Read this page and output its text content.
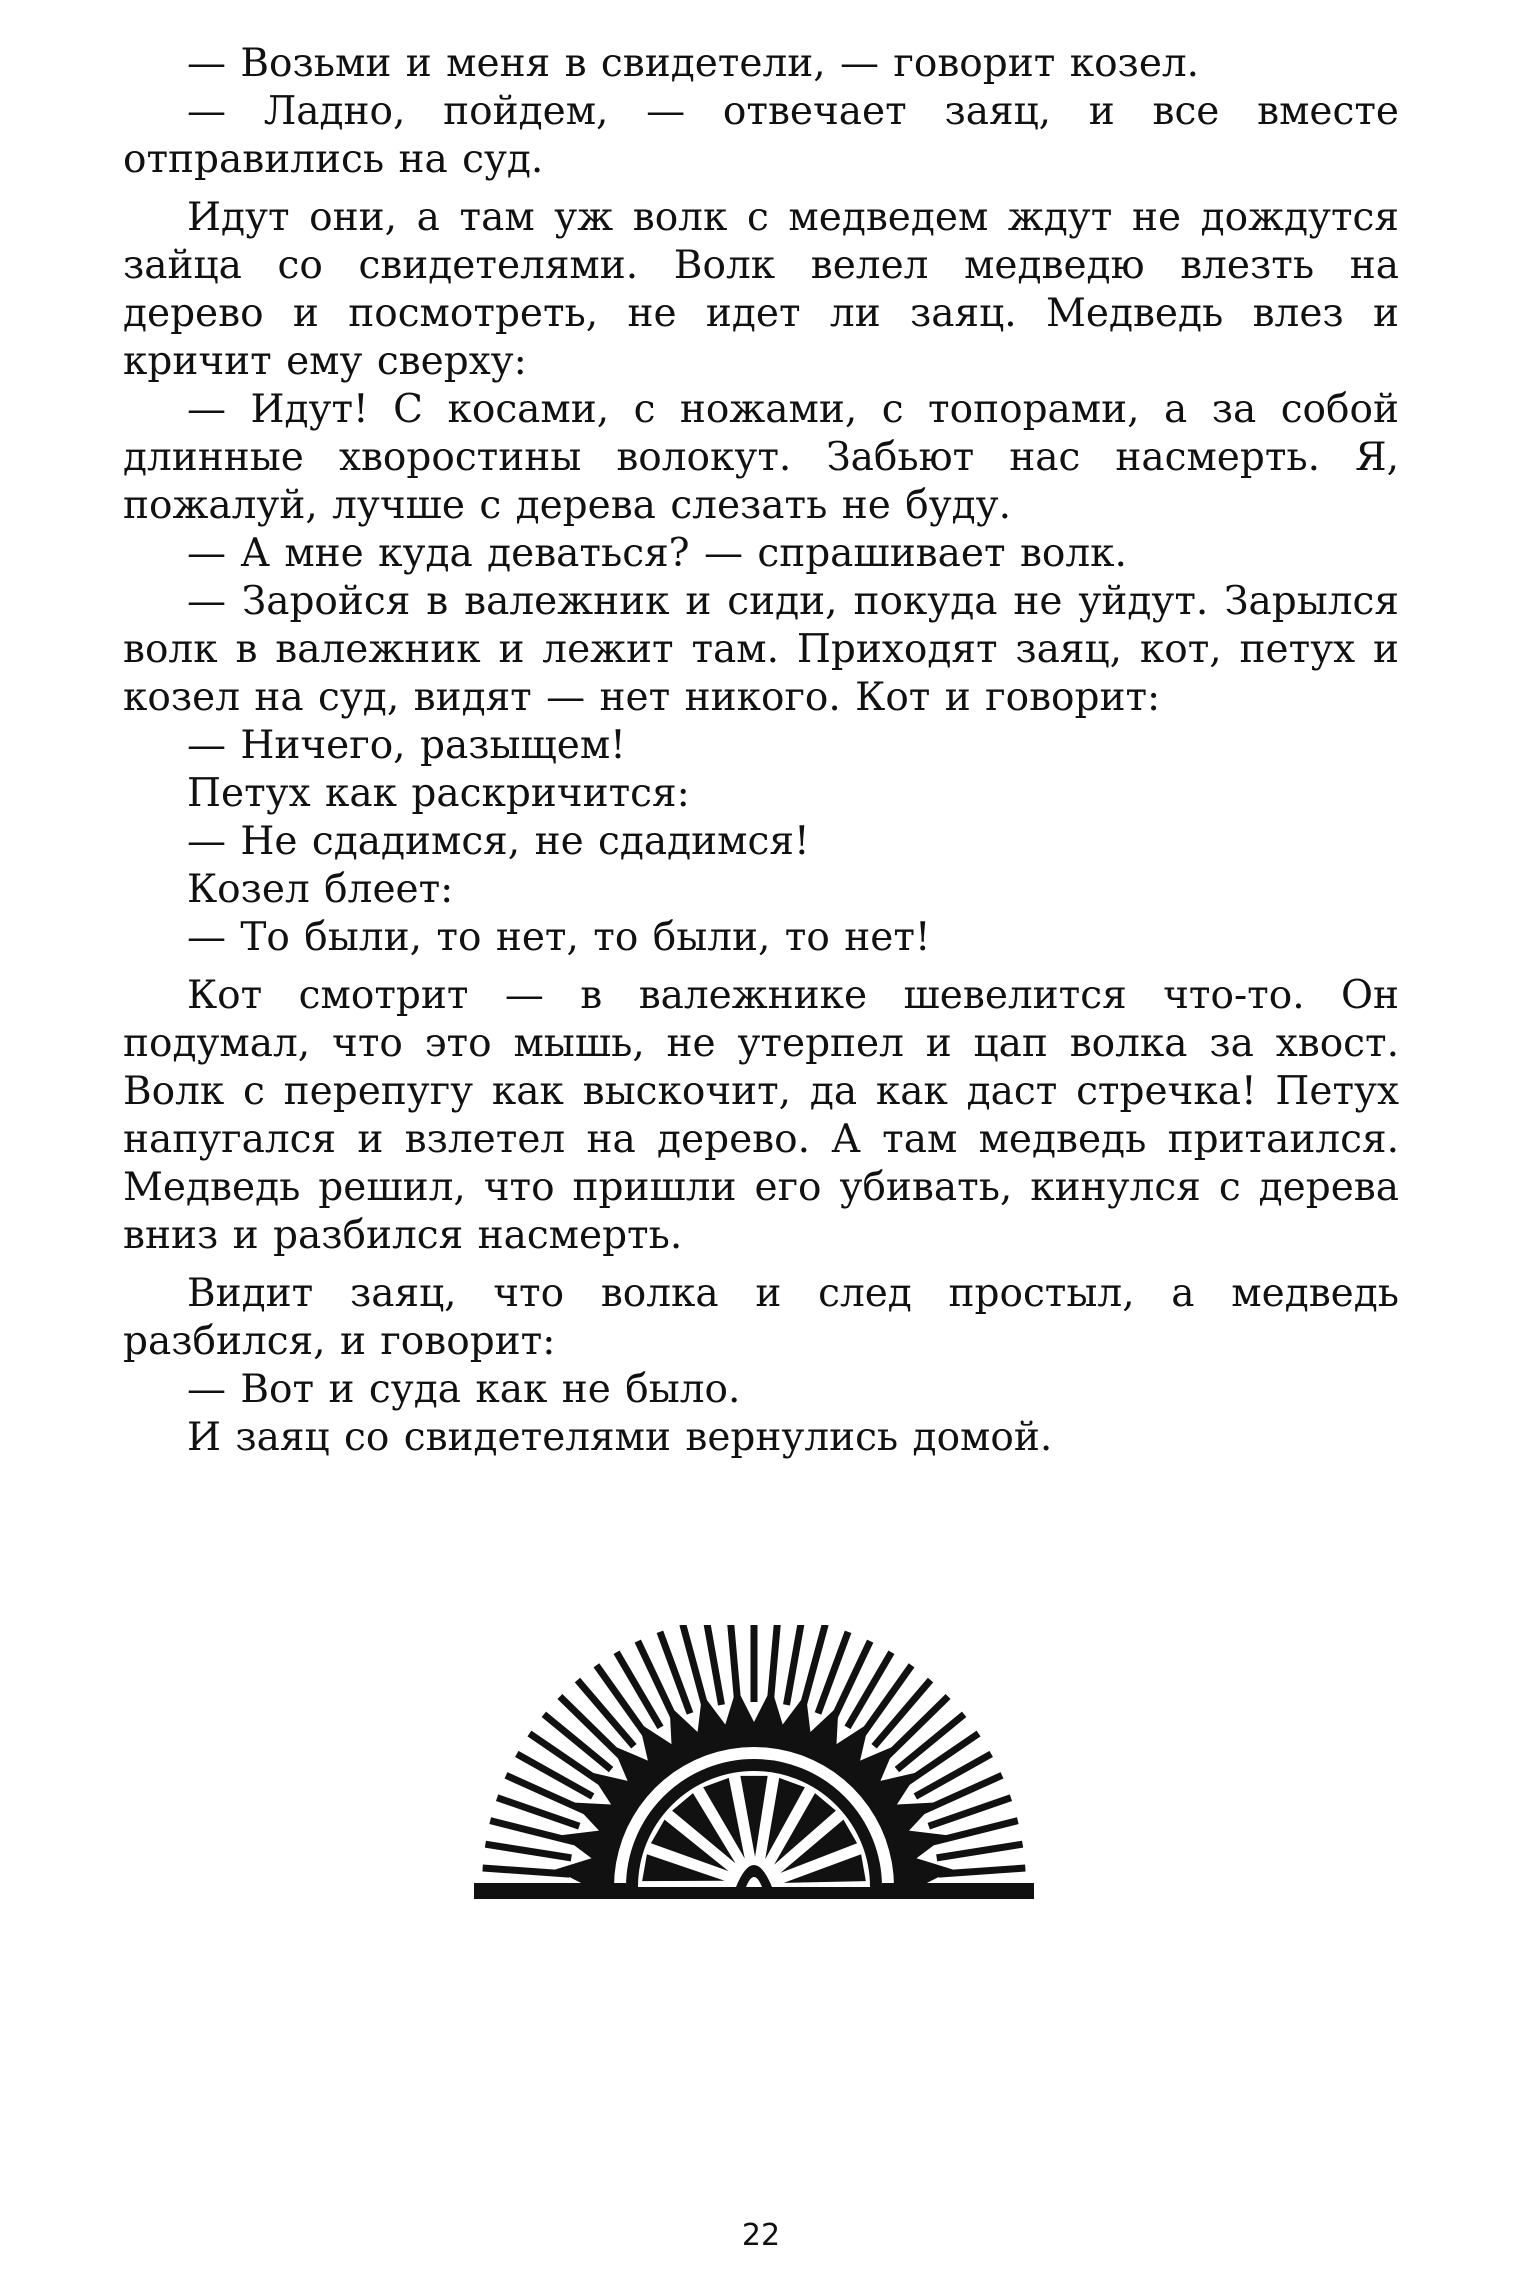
— Возьми и меня в свидетели, — говорит козел.

— Ладно, пойдем, — отвечает заяц, и все вместе отправились на суд.

Идут они, а там уж волк с медведем ждут не дождутся зайца со свидетелями. Волк велел медведю влезть на дерево и посмотреть, не идет ли заяц. Медведь влез и кричит ему сверху:

— Идут! С косами, с ножами, с топорами, а за собой длинные хворостины волокут. Забьют нас насмерть. Я, пожалуй, лучше с дерева слезать не буду.

— А мне куда деваться? — спрашивает волк.

— Заройся в валежник и сиди, покуда не уйдут. Зарылся волк в валежник и лежит там. Приходят заяц, кот, петух и козел на суд, видят — нет никого. Кот и говорит:

— Ничего, разыщем!

Петух как раскричится:

— Не сдадимся, не сдадимся!

Козел блеет:

— То были, то нет, то были, то нет!

Кот смотрит — в валежнике шевелится что-то. Он подумал, что это мышь, не утерпел и цап волка за хвост. Волк с перепугу как выскочит, да как даст стречка! Петух напугался и взлетел на дерево. А там медведь притаился. Медведь решил, что пришли его убивать, кинулся с дерева вниз и разбился насмерть.

Видит заяц, что волка и след простыл, а медведь разбился, и говорит:

— Вот и суда как не было.

И заяц со свидетелями вернулись домой.

22
